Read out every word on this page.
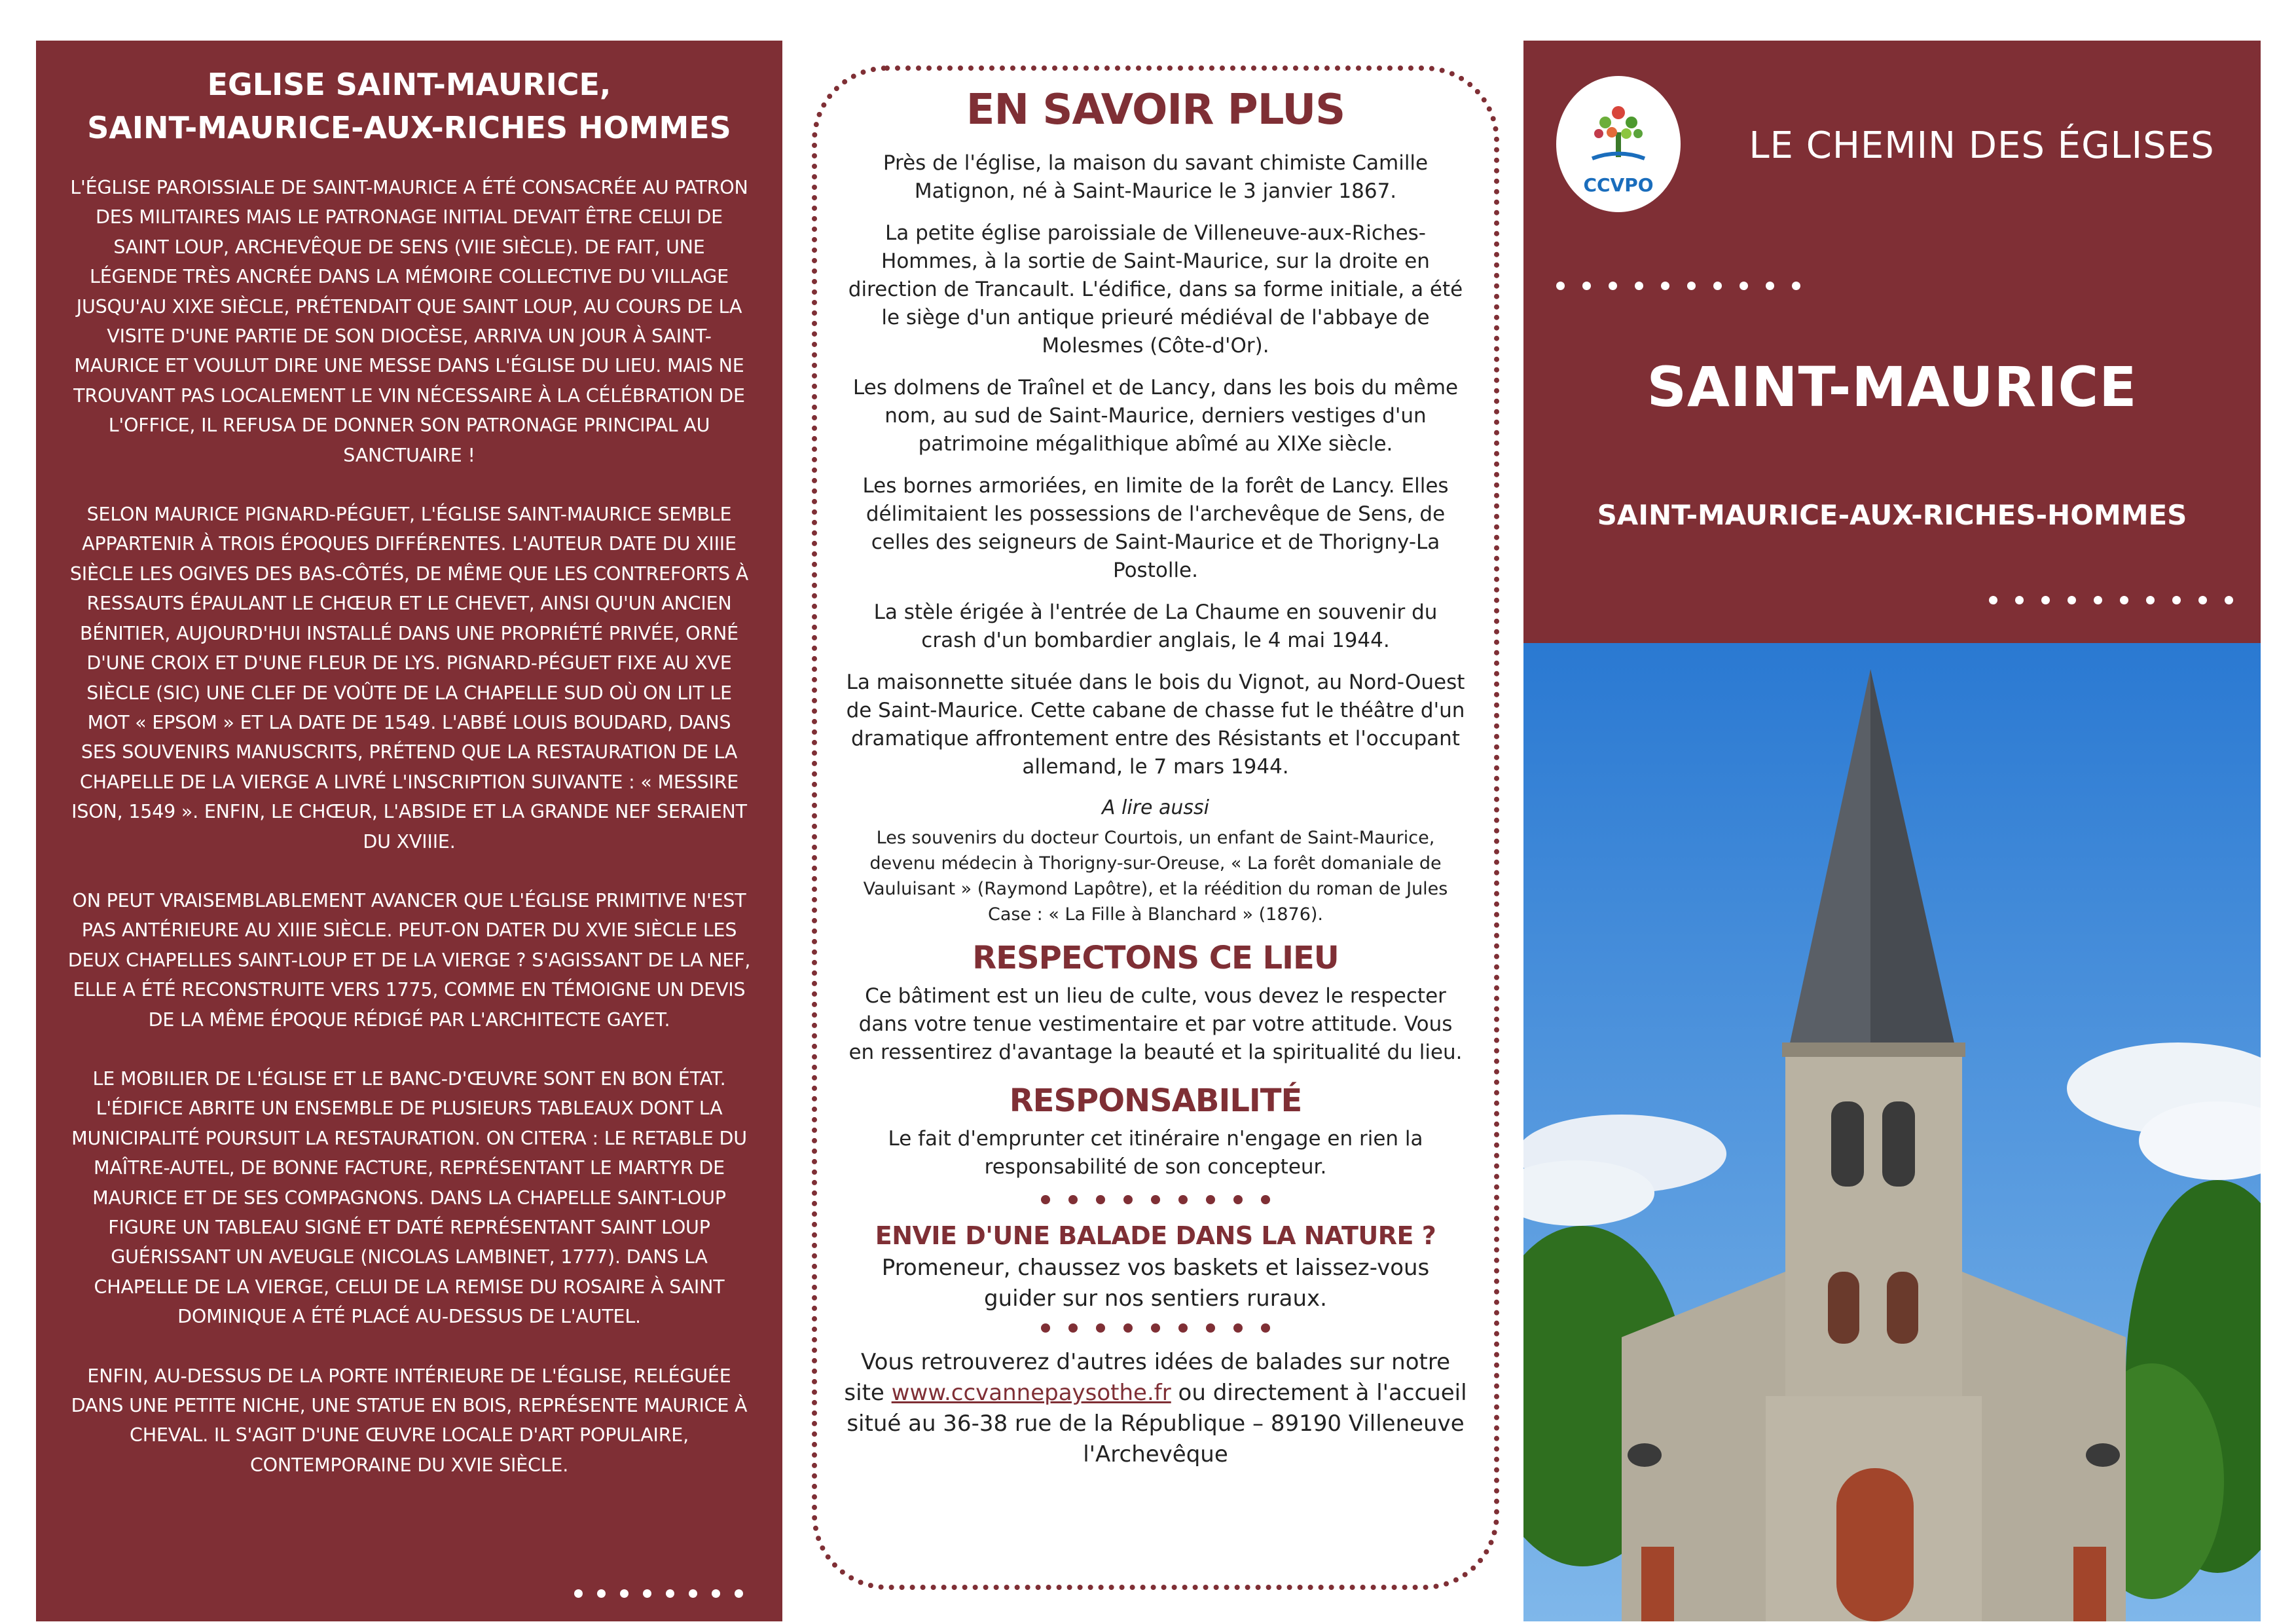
EGLISE SAINT-MAURICE,
SAINT-MAURICE-AUX-RICHES HOMMES

L'ÉGLISE PAROISSIALE DE SAINT-MAURICE A ÉTÉ CONSACRÉE AU PATRON DES MILITAIRES MAIS LE PATRONAGE INITIAL DEVAIT ÊTRE CELUI DE SAINT LOUP, ARCHEVÊQUE DE SENS (VIIE SIÈCLE). DE FAIT, UNE LÉGENDE TRÈS ANCRÉE DANS LA MÉMOIRE COLLECTIVE DU VILLAGE JUSQU'AU XIXE SIÈCLE, PRÉTENDAIT QUE SAINT LOUP, AU COURS DE LA VISITE D'UNE PARTIE DE SON DIOCÈSE, ARRIVA UN JOUR À SAINT-MAURICE ET VOULUT DIRE UNE MESSE DANS L'ÉGLISE DU LIEU. MAIS NE TROUVANT PAS LOCALEMENT LE VIN NÉCESSAIRE À LA CÉLÉBRATION DE L'OFFICE, IL REFUSA DE DONNER SON PATRONAGE PRINCIPAL AU SANCTUAIRE !

SELON MAURICE PIGNARD-PÉGUET, L'ÉGLISE SAINT-MAURICE SEMBLE APPARTENIR À TROIS ÉPOQUES DIFFÉRENTES. L'AUTEUR DATE DU XIIIE SIÈCLE LES OGIVES DES BAS-CÔTÉS, DE MÊME QUE LES CONTREFORTS À RESSAUTS ÉPAULANT LE CHŒUR ET LE CHEVET, AINSI QU'UN ANCIEN BÉNITIER, AUJOURD'HUI INSTALLÉ DANS UNE PROPRIÉTÉ PRIVÉE, ORNÉ D'UNE CROIX ET D'UNE FLEUR DE LYS. PIGNARD-PÉGUET FIXE AU XVE SIÈCLE (SIC) UNE CLEF DE VOÛTE DE LA CHAPELLE SUD OÙ ON LIT LE MOT « EPSOM » ET LA DATE DE 1549. L'ABBÉ LOUIS BOUDARD, DANS SES SOUVENIRS MANUSCRITS, PRÉTEND QUE LA RESTAURATION DE LA CHAPELLE DE LA VIERGE A LIVRÉ L'INSCRIPTION SUIVANTE : « MESSIRE ISON, 1549 ». ENFIN, LE CHŒUR, L'ABSIDE ET LA GRANDE NEF SERAIENT DU XVIIIE.

ON PEUT VRAISEMBLABLEMENT AVANCER QUE L'ÉGLISE PRIMITIVE N'EST PAS ANTÉRIEURE AU XIIIE SIÈCLE. PEUT-ON DATER DU XVIE SIÈCLE LES DEUX CHAPELLES SAINT-LOUP ET DE LA VIERGE ? S'AGISSANT DE LA NEF, ELLE A ÉTÉ RECONSTRUITE VERS 1775, COMME EN TÉMOIGNE UN DEVIS DE LA MÊME ÉPOQUE RÉDIGÉ PAR L'ARCHITECTE GAYET.

LE MOBILIER DE L'ÉGLISE ET LE BANC-D'ŒUVRE SONT EN BON ÉTAT. L'ÉDIFICE ABRITE UN ENSEMBLE DE PLUSIEURS TABLEAUX DONT LA MUNICIPALITÉ POURSUIT LA RESTAURATION. ON CITERA : LE RETABLE DU MAÎTRE-AUTEL, DE BONNE FACTURE, REPRÉSENTANT LE MARTYR DE MAURICE ET DE SES COMPAGNONS. DANS LA CHAPELLE SAINT-LOUP FIGURE UN TABLEAU SIGNÉ ET DATÉ REPRÉSENTANT SAINT LOUP GUÉRISSANT UN AVEUGLE (NICOLAS LAMBINET, 1777). DANS LA CHAPELLE DE LA VIERGE, CELUI DE LA REMISE DU ROSAIRE À SAINT DOMINIQUE A ÉTÉ PLACÉ AU-DESSUS DE L'AUTEL.

ENFIN, AU-DESSUS DE LA PORTE INTÉRIEURE DE L'ÉGLISE, RELÉGUÉE DANS UNE PETITE NICHE, UNE STATUE EN BOIS, REPRÉSENTE MAURICE À CHEVAL. IL S'AGIT D'UNE ŒUVRE LOCALE D'ART POPULAIRE, CONTEMPORAINE DU XVIE SIÈCLE.

EN SAVOIR PLUS

Près de l'église, la maison du savant chimiste Camille Matignon, né à Saint-Maurice le 3 janvier 1867.

La petite église paroissiale de Villeneuve-aux-Riches-Hommes, à la sortie de Saint-Maurice, sur la droite en direction de Trancault. L'édifice, dans sa forme initiale, a été le siège d'un antique prieuré médiéval de l'abbaye de Molesmes (Côte-d'Or).

Les dolmens de Traînel et de Lancy, dans les bois du même nom, au sud de Saint-Maurice, derniers vestiges d'un patrimoine mégalithique abîmé au XIXe siècle.

Les bornes armoriées, en limite de la forêt de Lancy. Elles délimitaient les possessions de l'archevêque de Sens, de celles des seigneurs de Saint-Maurice et de Thorigny-La Postolle.

La stèle érigée à l'entrée de La Chaume en souvenir du crash d'un bombardier anglais, le 4 mai 1944.

La maisonnette située dans le bois du Vignot, au Nord-Ouest de Saint-Maurice. Cette cabane de chasse fut le théâtre d'un dramatique affrontement entre des Résistants et l'occupant allemand, le 7 mars 1944.

A lire aussi

Les souvenirs du docteur Courtois, un enfant de Saint-Maurice, devenu médecin à Thorigny-sur-Oreuse, « La forêt domaniale de Vauluisant » (Raymond Lapôtre), et la réédition du roman de Jules Case : « La Fille à Blanchard » (1876).

RESPECTONS CE LIEU

Ce bâtiment est un lieu de culte, vous devez le respecter dans votre tenue vestimentaire et par votre attitude. Vous en ressentirez d'avantage la beauté et la spiritualité du lieu.

RESPONSABILITÉ

Le fait d'emprunter cet itinéraire n'engage en rien la responsabilité de son concepteur.

ENVIE D'UNE BALADE DANS LA NATURE ?

Promeneur, chaussez vos baskets et laissez-vous guider sur nos sentiers ruraux.

Vous retrouverez d'autres idées de balades sur notre site www.ccvannepaysothe.fr ou directement à l'accueil situé au 36-38 rue de la République – 89190 Villeneuve l'Archevêque

CCVPO
LE CHEMIN DES ÉGLISES
SAINT-MAURICE
SAINT-MAURICE-AUX-RICHES-HOMMES
